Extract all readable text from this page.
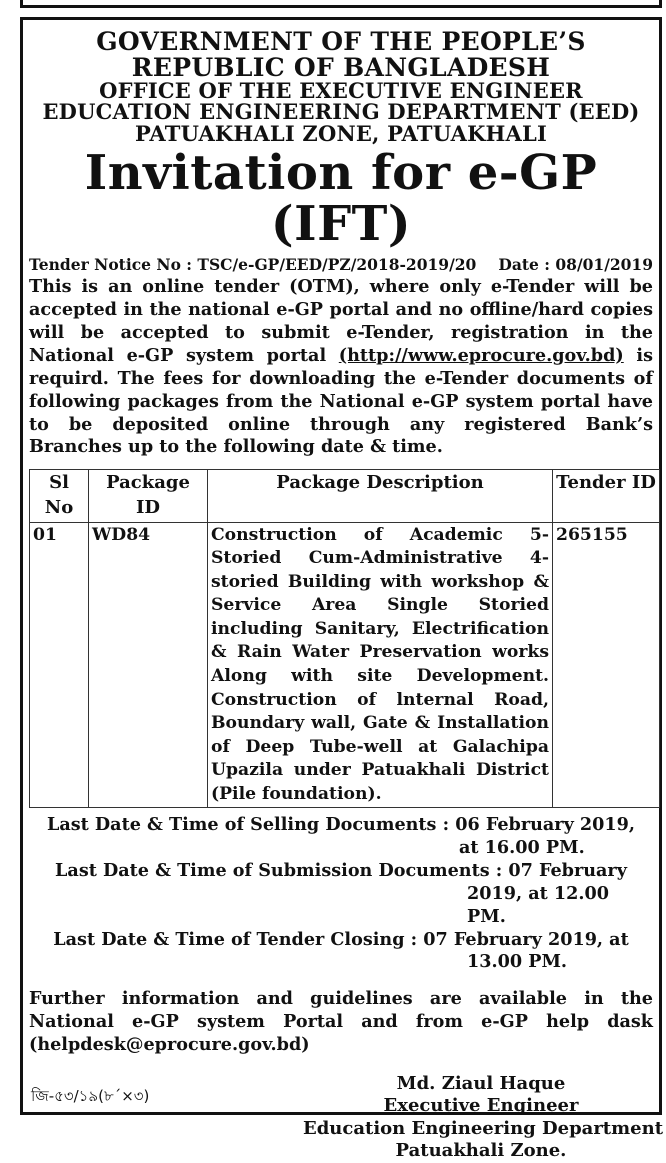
GOVERNMENT OF THE PEOPLE’S
REPUBLIC OF BANGLADESH
OFFICE OF THE EXECUTIVE ENGINEER
EDUCATION ENGINEERING DEPARTMENT (EED)
PATUAKHALI ZONE, PATUAKHALI
Invitation for e-GP (IFT)
Tender Notice No : TSC/e-GP/EED/PZ/2018-2019/20 Date : 08/01/2019
This is an online tender (OTM), where only e-Tender will be accepted in the national e-GP portal and no offline/hard copies will be accepted to submit e-Tender, registration in the National e-GP system portal (http://www.eprocure.gov.bd) is requird. The fees for downloading the e-Tender documents of following packages from the National e-GP system portal have to be deposited online through any registered Bank’s Branches up to the following date & time.
Sl No	Package ID	Package Description	Tender ID
01	WD84	Construction of Academic 5-Storied Cum-Administrative 4-storied Building with workshop & Service Area Single Storied including Sanitary, Electrification & Rain Water Preservation works Along with site Development. Construction of lnternal Road, Boundary wall, Gate & Installation of Deep Tube-well at Galachipa Upazila under Patuakhali District (Pile foundation).	265155
Last Date & Time of Selling Documents : 06 February 2019,
at 16.00 PM.
Last Date & Time of Submission Documents : 07 February
2019, at 12.00 PM.
Last Date & Time of Tender Closing : 07 February 2019, at
13.00 PM.
Further information and guidelines are available in the National e-GP system Portal and from e-GP help dask (helpdesk@eprocure.gov.bd)
Md. Ziaul Haque
Executive Engineer
Education Engineering Department
Patuakhali Zone.
জি-৫৩/১৯(৮´×৩)
